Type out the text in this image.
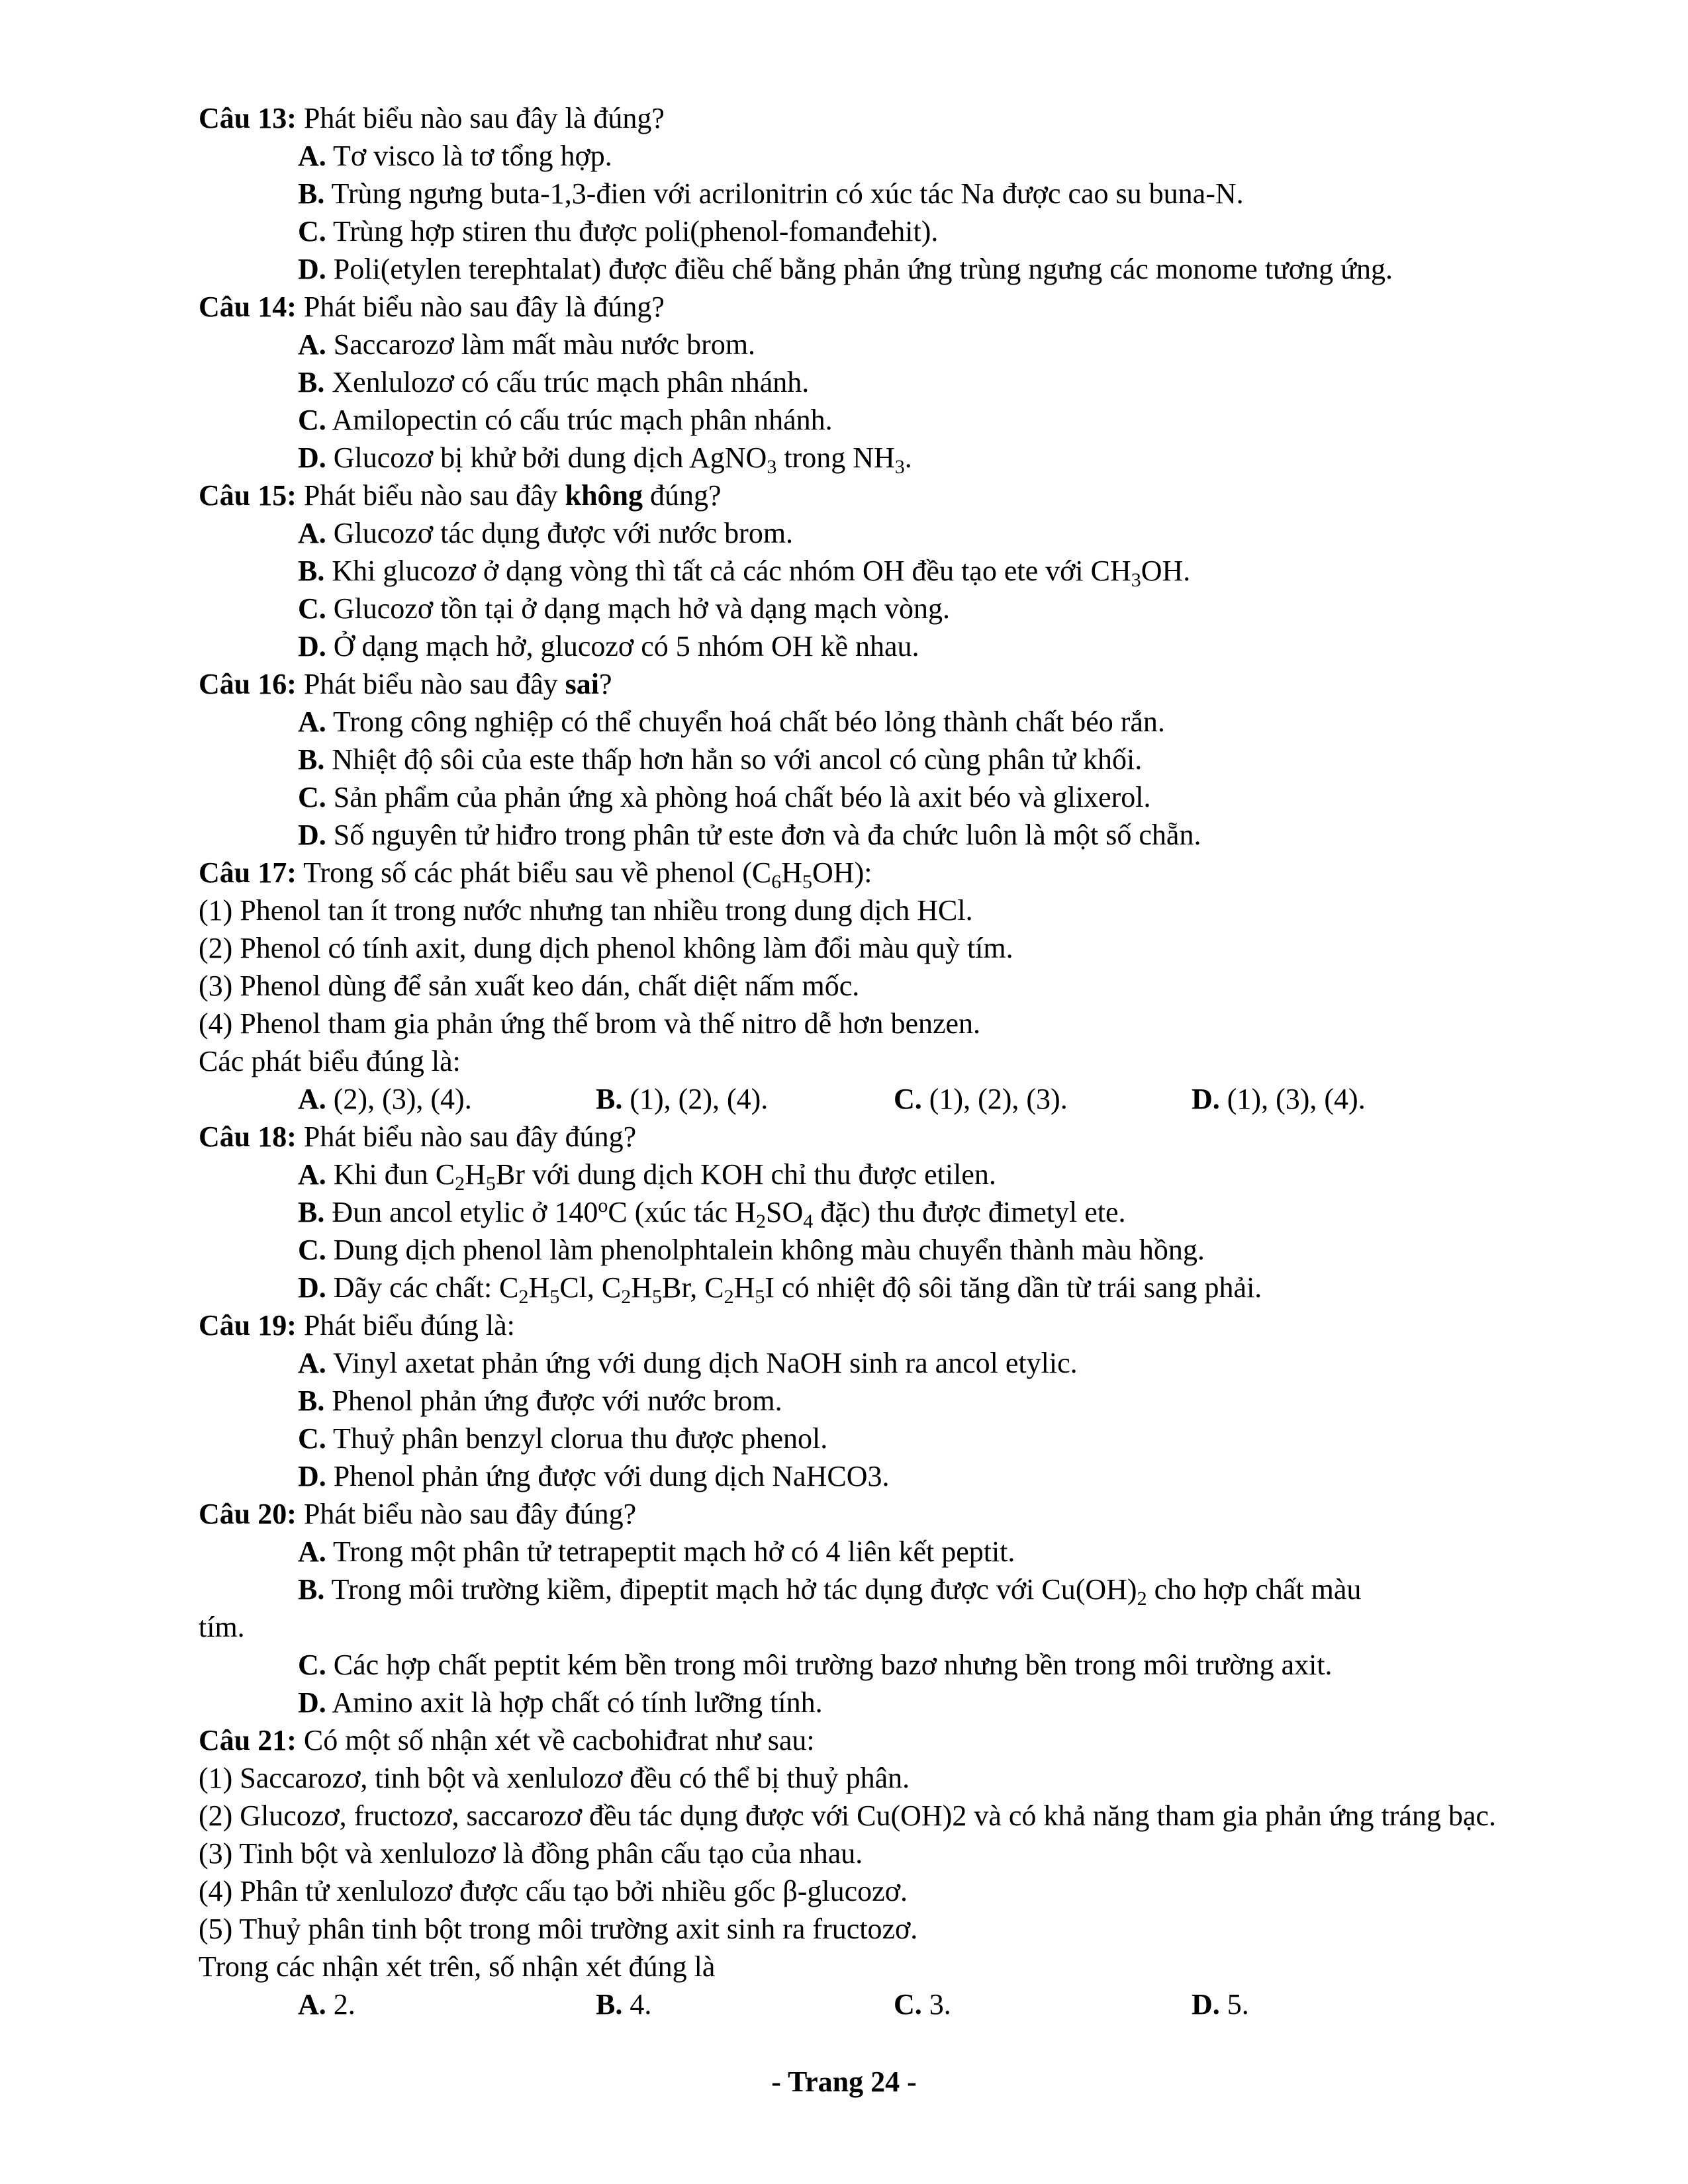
Câu 13: Phát biểu nào sau đây là đúng?
A. Tơ visco là tơ tổng hợp.
B. Trùng ngưng buta-1,3-đien với acrilonitrin có xúc tác Na được cao su buna-N.
C. Trùng hợp stiren thu được poli(phenol-fomanđehit).
D. Poli(etylen terephtalat) được điều chế bằng phản ứng trùng ngưng các monome tương ứng.
Câu 14: Phát biểu nào sau đây là đúng?
A. Saccarozơ làm mất màu nước brom.
B. Xenlulozơ có cấu trúc mạch phân nhánh.
C. Amilopectin có cấu trúc mạch phân nhánh.
D. Glucozơ bị khử bởi dung dịch AgNO$_3$ trong $NH_3$.
Câu 15: Phát biểu nào sau đây không đúng?
A. Glucozơ tác dụng được với nước brom.
B. Khi glucozơ ở dạng vòng thì tất cả các nhóm OH đều tạo ete với $CH_3OH$.
C. Glucozơ tồn tại ở dạng mạch hở và dạng mạch vòng.
D. Ở dạng mạch hở, glucozơ có 5 nhóm OH kề nhau.
Câu 16: Phát biểu nào sau đây sai?
A. Trong công nghiệp có thể chuyển hoá chất béo lỏng thành chất béo rắn.
B. Nhiệt độ sôi của este thấp hơn hẳn so với ancol có cùng phân tử khối.
C. Sản phẩm của phản ứng xà phòng hoá chất béo là axit béo và glixerol.
D. Số nguyên tử hiđro trong phân tử este đơn và đa chức luôn là một số chẵn.
Câu 17: Trong số các phát biểu sau về phenol $(C_6H_5OH)$:
(1) Phenol tan ít trong nước nhưng tan nhiều trong dung dịch HCl.
(2) Phenol có tính axit, dung dịch phenol không làm đổi màu quỳ tím.
(3) Phenol dùng để sản xuất keo dán, chất diệt nấm mốc.
(4) Phenol tham gia phản ứng thế brom và thế nitro dễ hơn benzen.
Các phát biểu đúng là:
A. (2), (3), (4).	B. (1), (2), (4).	C. (1), (2), (3).	D. (1), (3), (4).
Câu 18: Phát biểu nào sau đây đúng?
A. Khi đun $C_2H_5Br$ với dung dịch KOH chỉ thu được etilen.
B. Đun ancol etylic ở 140$^o$C (xúc tác $H_2SO_4$ đặc) thu được đimetyl ete.
C. Dung dịch phenol làm phenolphtalein không màu chuyển thành màu hồng.
D. Dãy các chất: $C_2H_5Cl$, $C_2H_5Br$, $C_2H_5I$ có nhiệt độ sôi tăng dần từ trái sang phải.
Câu 19: Phát biểu đúng là:
A. Vinyl axetat phản ứng với dung dịch NaOH sinh ra ancol etylic.
B. Phenol phản ứng được với nước brom.
C. Thuỷ phân benzyl clorua thu được phenol.
D. Phenol phản ứng được với dung dịch NaHCO3.
Câu 20: Phát biểu nào sau đây đúng?
A. Trong một phân tử tetrapeptit mạch hở có 4 liên kết peptit.
B. Trong môi trường kiềm, đipeptit mạch hở tác dụng được với $Cu(OH)_2$ cho hợp chất màu
tím.
C. Các hợp chất peptit kém bền trong môi trường bazơ nhưng bền trong môi trường axit.
D. Amino axit là hợp chất có tính lưỡng tính.
Câu 21: Có một số nhận xét về cacbohiđrat như sau:
(1) Saccarozơ, tinh bột và xenlulozơ đều có thể bị thuỷ phân.
(2) Glucozơ, fructozơ, saccarozơ đều tác dụng được với Cu(OH)2 và có khả năng tham gia phản ứng tráng bạc.
(3) Tinh bột và xenlulozơ là đồng phân cấu tạo của nhau.
(4) Phân tử xenlulozơ được cấu tạo bởi nhiều gốc β-glucozơ.
(5) Thuỷ phân tinh bột trong môi trường axit sinh ra fructozơ.
Trong các nhận xét trên, số nhận xét đúng là
A. 2.	B. 4.	C. 3.	D. 5.
- Trang 24 -
